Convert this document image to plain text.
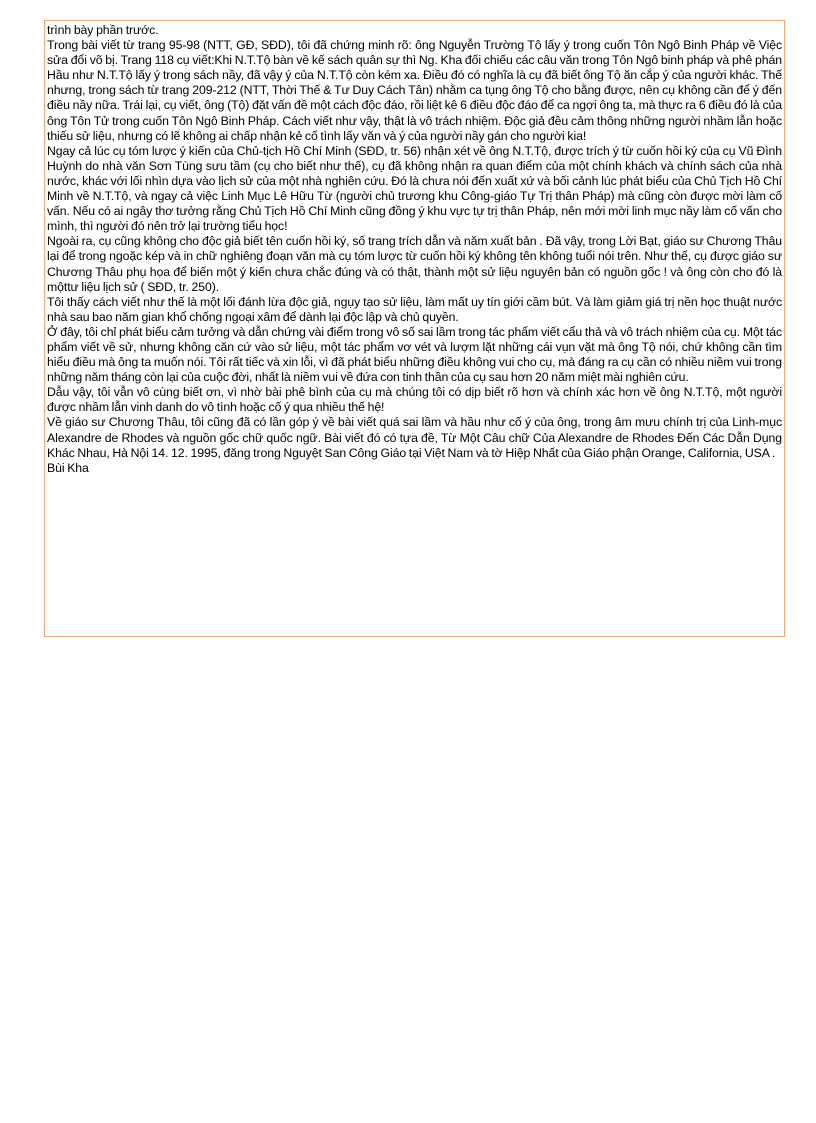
trình bày phần trước.

Trong bài viết từ trang 95-98 (NTT, GĐ, SĐD), tôi đã chứng minh rõ: ông Nguyễn Trường Tộ lấy ý trong cuốn Tôn Ngô Binh Pháp về Việc sửa đổi võ bị. Trang 118 cụ viết:Khi N.T.Tộ bàn về kế sách quân sự thì Ng. Kha đối chiếu các câu văn trong Tôn Ngô binh pháp và phê phán Hầu như N.T.Tộ lấy ý trong sách nầy, đã vậy ý của N.T.Tộ còn kém xa. Điều đó có nghĩa là cụ đã biết ông Tộ ăn cắp ý của người khác. Thế nhưng, trong sách từ trang 209-212 (NTT, Thời Thế & Tư Duy Cách Tân) nhằm ca tụng ông Tộ cho bằng được, nên cụ không cần để ý đến điều nầy nữa. Trái lại, cụ viết, ông (Tộ) đặt vấn đề một cách độc đáo, rồi liệt kê 6 điều độc đáo để ca ngợi ông ta, mà thực ra 6 điều đó là của ông Tôn Tử trong cuốn Tôn Ngô Binh Pháp. Cách viết như vậy, thật là vô trách nhiệm. Độc giả đều cảm thông những người nhầm lẫn hoặc thiếu sử liệu, nhưng có lẽ không ai chấp nhận kẻ cố tình lấy văn và ý của người nầy gán cho người kia!

Ngay cả lúc cụ tóm lược ý kiến của Chủ-tịch Hồ Chí Minh (SĐD, tr. 56) nhận xét về ông N.T.Tộ, được trích ý từ cuốn hồi ký của cụ Vũ Đình Huỳnh do nhà văn Sơn Tùng sưu tầm (cụ cho biết như thế), cụ đã không nhận ra quan điểm của một chính khách và chính sách của nhà nước, khác với lối nhìn dựa vào lịch sử của một nhà nghiên cứu. Đó là chưa nói đến xuất xứ và bối cảnh lúc phát biểu của Chủ Tịch Hồ Chí Minh về N.T.Tộ, và ngay cả việc Linh Mục Lê Hữu Từ (người chủ trương khu Công-giáo Tự Trị thân Pháp) mà cũng còn được mời làm cố vấn. Nếu có ai ngây thơ tưởng rằng Chủ Tịch Hồ Chí Minh cũng đồng ý khu vực tự trị thân Pháp, nên mới mời linh mục nầy làm cố vấn cho mình, thì người đó nên trở lại trường tiểu học!

Ngoài ra, cụ cũng không cho độc giả biết tên cuốn hồi ký, số trang trích dẫn và năm xuất bản . Đã vậy, trong Lời Bạt, giáo sư Chương Thâu lại để trong ngoặc kép và in chữ nghiêng đoạn văn mà cụ tóm lược từ cuốn hồi ký không tên không tuổi nói trên. Như thế, cụ được giáo sư Chương Thâu phụ họa để biến một ý kiến chưa chắc đúng và có thật, thành một sử liệu nguyên bản có nguồn gốc ! và ông còn cho đó là mộttư liệu lịch sử ( SĐD, tr. 250).

Tôi thấy cách viết như thế là một lối đánh lừa độc giả, ngụy tạo sử liệu, làm mất uy tín giới cầm bút. Và làm giảm giá trị nền học thuật nước nhà sau bao năm gian khổ chống ngoại xâm để dành lại độc lập và chủ quyền.

Ở đây, tôi chỉ phát biểu cảm tưởng và dẫn chứng vài điểm trong vô số sai lầm trong tác phẩm viết cẩu thả và vô trách nhiệm của cụ. Một tác phẩm viết về sử, nhưng không căn cứ vào sử liệu, một tác phẩm vơ vét và lượm lặt những cái vụn vặt mà ông Tộ nói, chứ không cần tìm hiểu điều mà ông ta muốn nói. Tôi rất tiếc và xin lỗi, vì đã phát biểu những điều không vui cho cụ, mà đáng ra cụ cần có nhiều niềm vui trong những năm tháng còn lại của cuộc đời, nhất là niềm vui về đứa con tinh thần của cụ sau hơn 20 năm miệt mài nghiên cứu.

Dẫu vậy, tôi vẫn vô cùng biết ơn, vì nhờ bài phê bình của cụ mà chúng tôi có dịp biết rõ hơn và chính xác hơn về ông N.T.Tộ, một người được nhầm lẫn vinh danh do vô tình hoặc cố ý qua nhiều thế hệ!

Về giáo sư Chương Thâu, tôi cũng đã có lần góp ý về bài viết quá sai lầm và hầu như cố ý của ông, trong âm mưu chính trị của Linh-mục Alexandre de Rhodes và nguồn gốc chữ quốc ngữ. Bài viết đó có tựa đề, Từ Một Câu chữ Của Alexandre de Rhodes Đến Các Dẫn Dụng Khác Nhau, Hà Nội 14. 12. 1995, đăng trong Nguyệt San Công Giáo tại Việt Nam và tờ Hiệp Nhất của Giáo phận Orange, California, USA .

Bùi Kha
